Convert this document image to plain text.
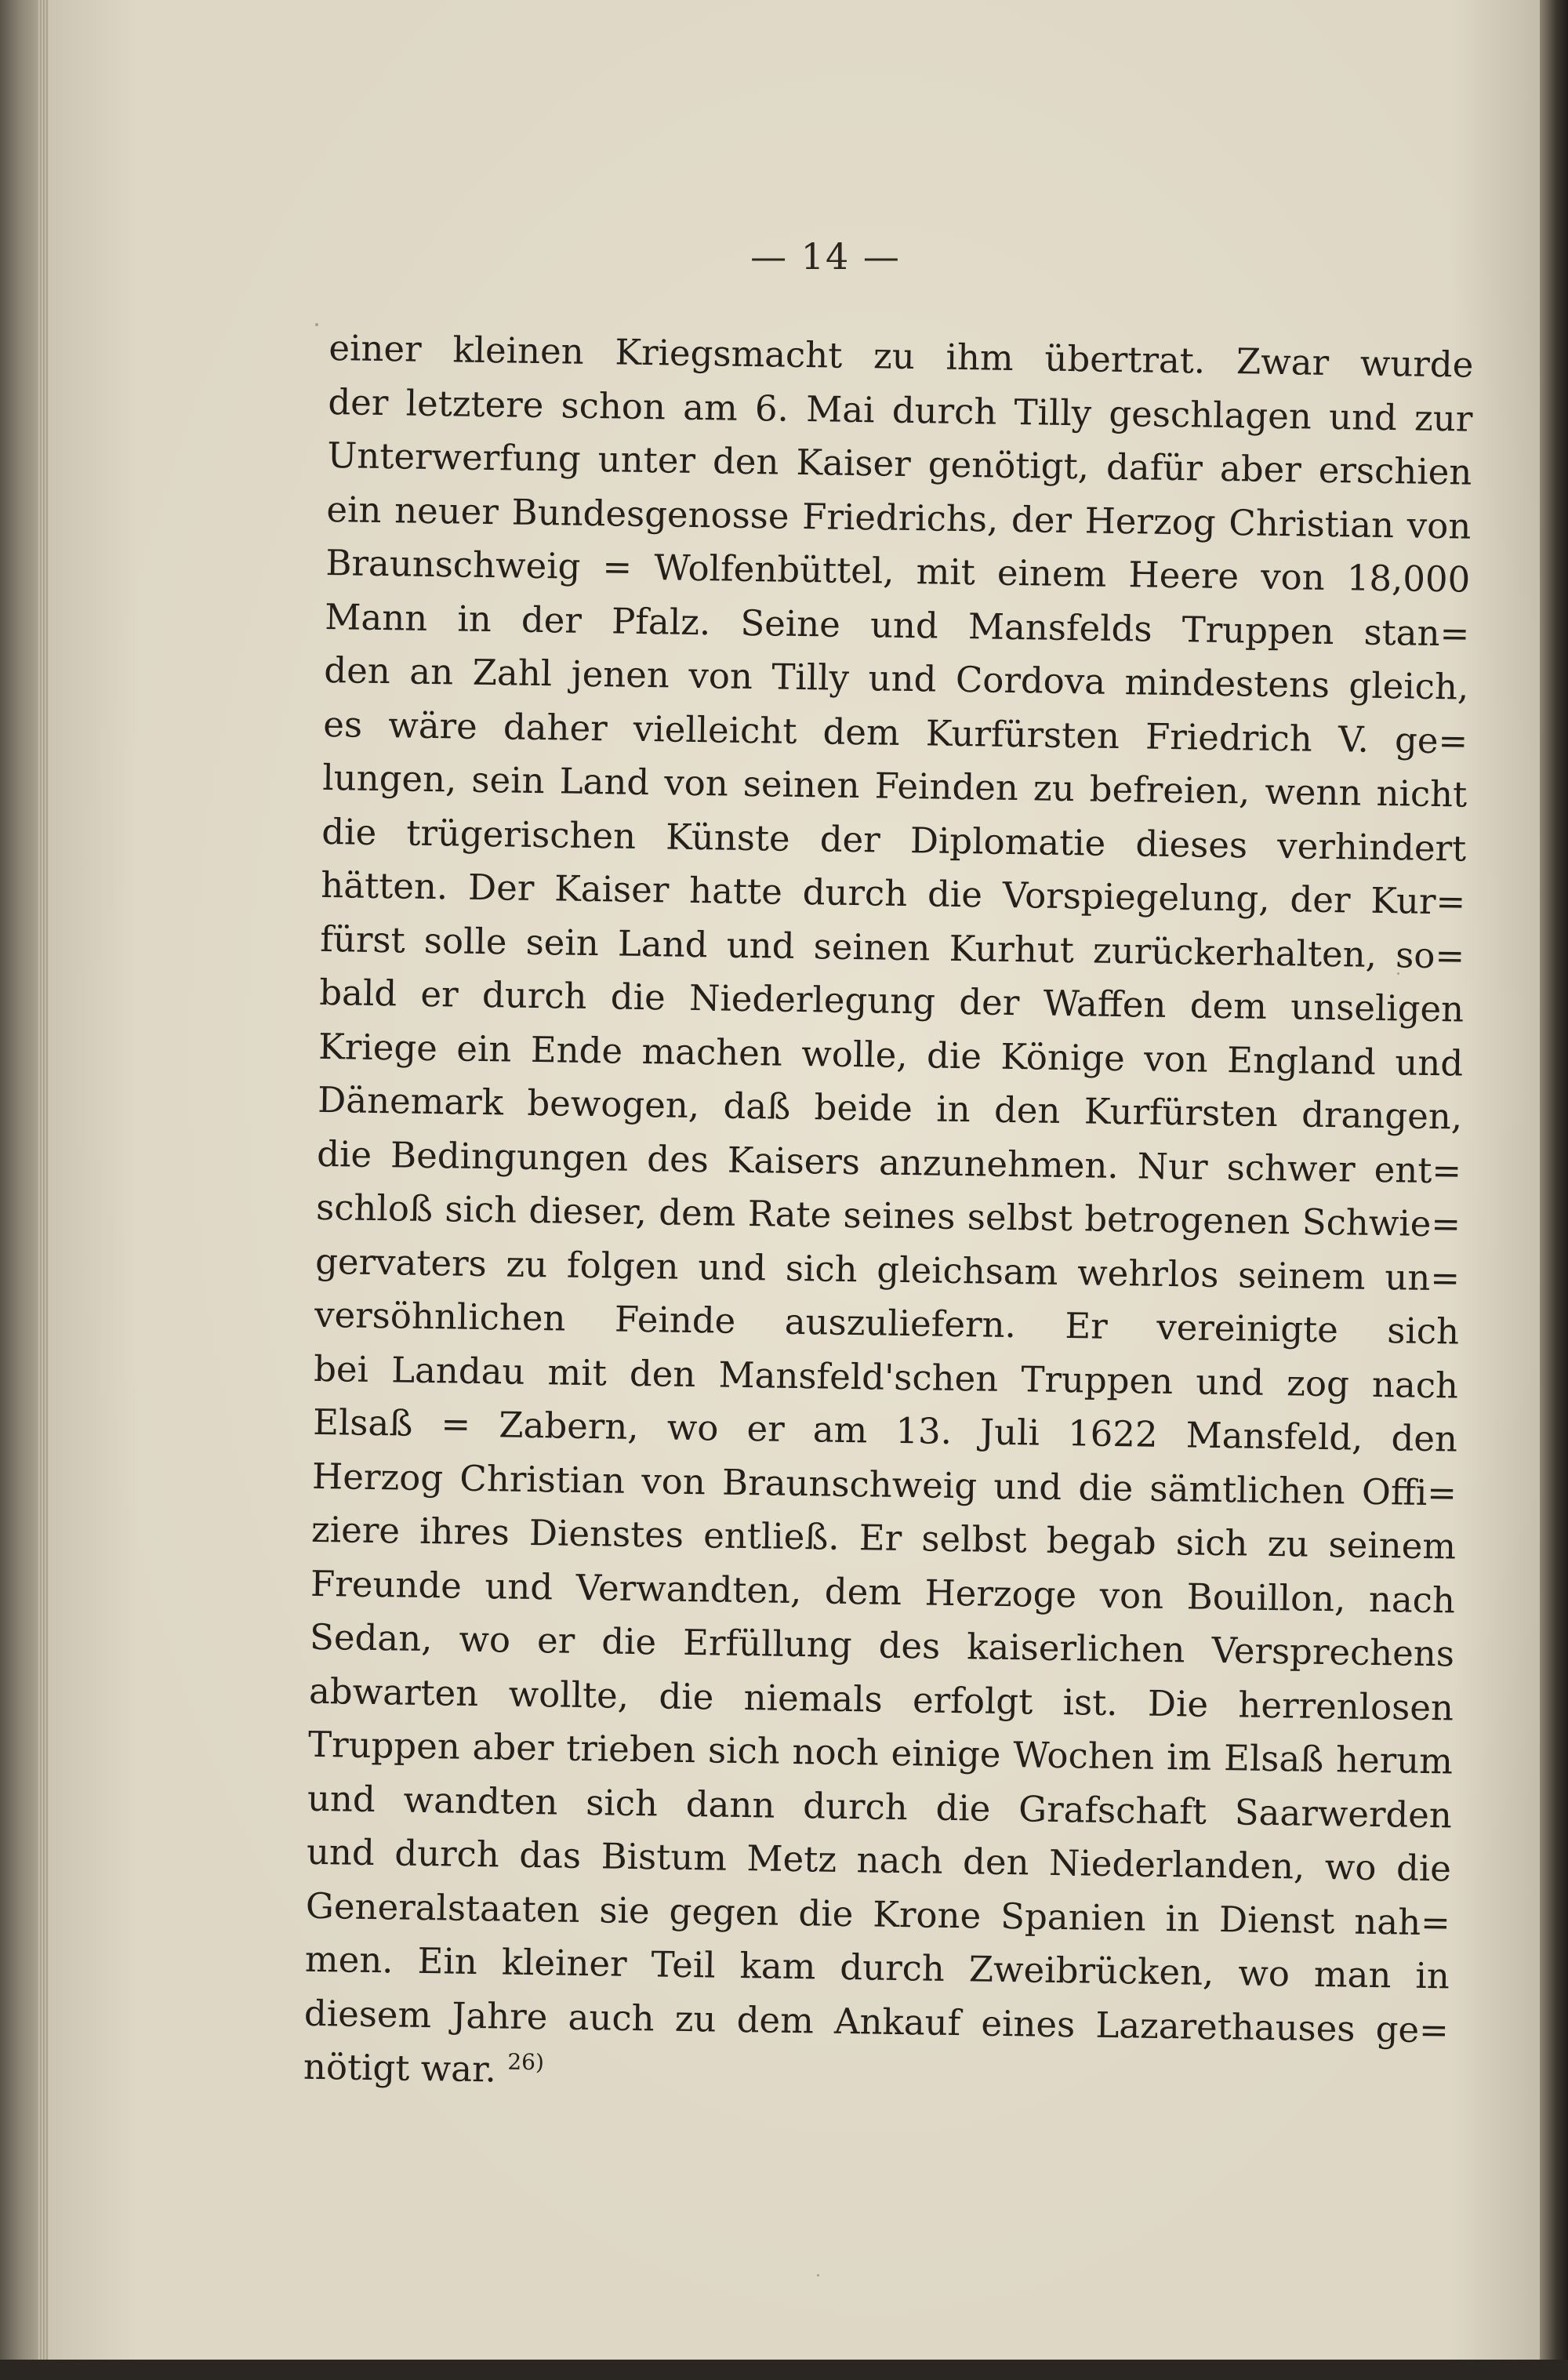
— 14 —
einer kleinen Kriegsmacht zu ihm übertrat. Zwar wurde
der letztere schon am 6. Mai durch Tilly geschlagen und zur
Unterwerfung unter den Kaiser genötigt, dafür aber erschien
ein neuer Bundesgenosse Friedrichs, der Herzog Christian von
Braunschweig = Wolfenbüttel, mit einem Heere von 18,000
Mann in der Pfalz. Seine und Mansfelds Truppen stan=
den an Zahl jenen von Tilly und Cordova mindestens gleich,
es wäre daher vielleicht dem Kurfürsten Friedrich V. ge=
lungen, sein Land von seinen Feinden zu befreien, wenn nicht
die trügerischen Künste der Diplomatie dieses verhindert
hätten. Der Kaiser hatte durch die Vorspiegelung, der Kur=
fürst solle sein Land und seinen Kurhut zurückerhalten, so=
bald er durch die Niederlegung der Waffen dem unseligen
Kriege ein Ende machen wolle, die Könige von England und
Dänemark bewogen, daß beide in den Kurfürsten drangen,
die Bedingungen des Kaisers anzunehmen. Nur schwer ent=
schloß sich dieser, dem Rate seines selbst betrogenen Schwie=
gervaters zu folgen und sich gleichsam wehrlos seinem un=
versöhnlichen Feinde auszuliefern. Er vereinigte sich
bei Landau mit den Mansfeld'schen Truppen und zog nach
Elsaß = Zabern, wo er am 13. Juli 1622 Mansfeld, den
Herzog Christian von Braunschweig und die sämtlichen Offi=
ziere ihres Dienstes entließ. Er selbst begab sich zu seinem
Freunde und Verwandten, dem Herzoge von Bouillon, nach
Sedan, wo er die Erfüllung des kaiserlichen Versprechens
abwarten wollte, die niemals erfolgt ist. Die herrenlosen
Truppen aber trieben sich noch einige Wochen im Elsaß herum
und wandten sich dann durch die Grafschaft Saarwerden
und durch das Bistum Metz nach den Niederlanden, wo die
Generalstaaten sie gegen die Krone Spanien in Dienst nah=
men. Ein kleiner Teil kam durch Zweibrücken, wo man in
diesem Jahre auch zu dem Ankauf eines Lazarethauses ge=
nötigt war. $^{26)}$
